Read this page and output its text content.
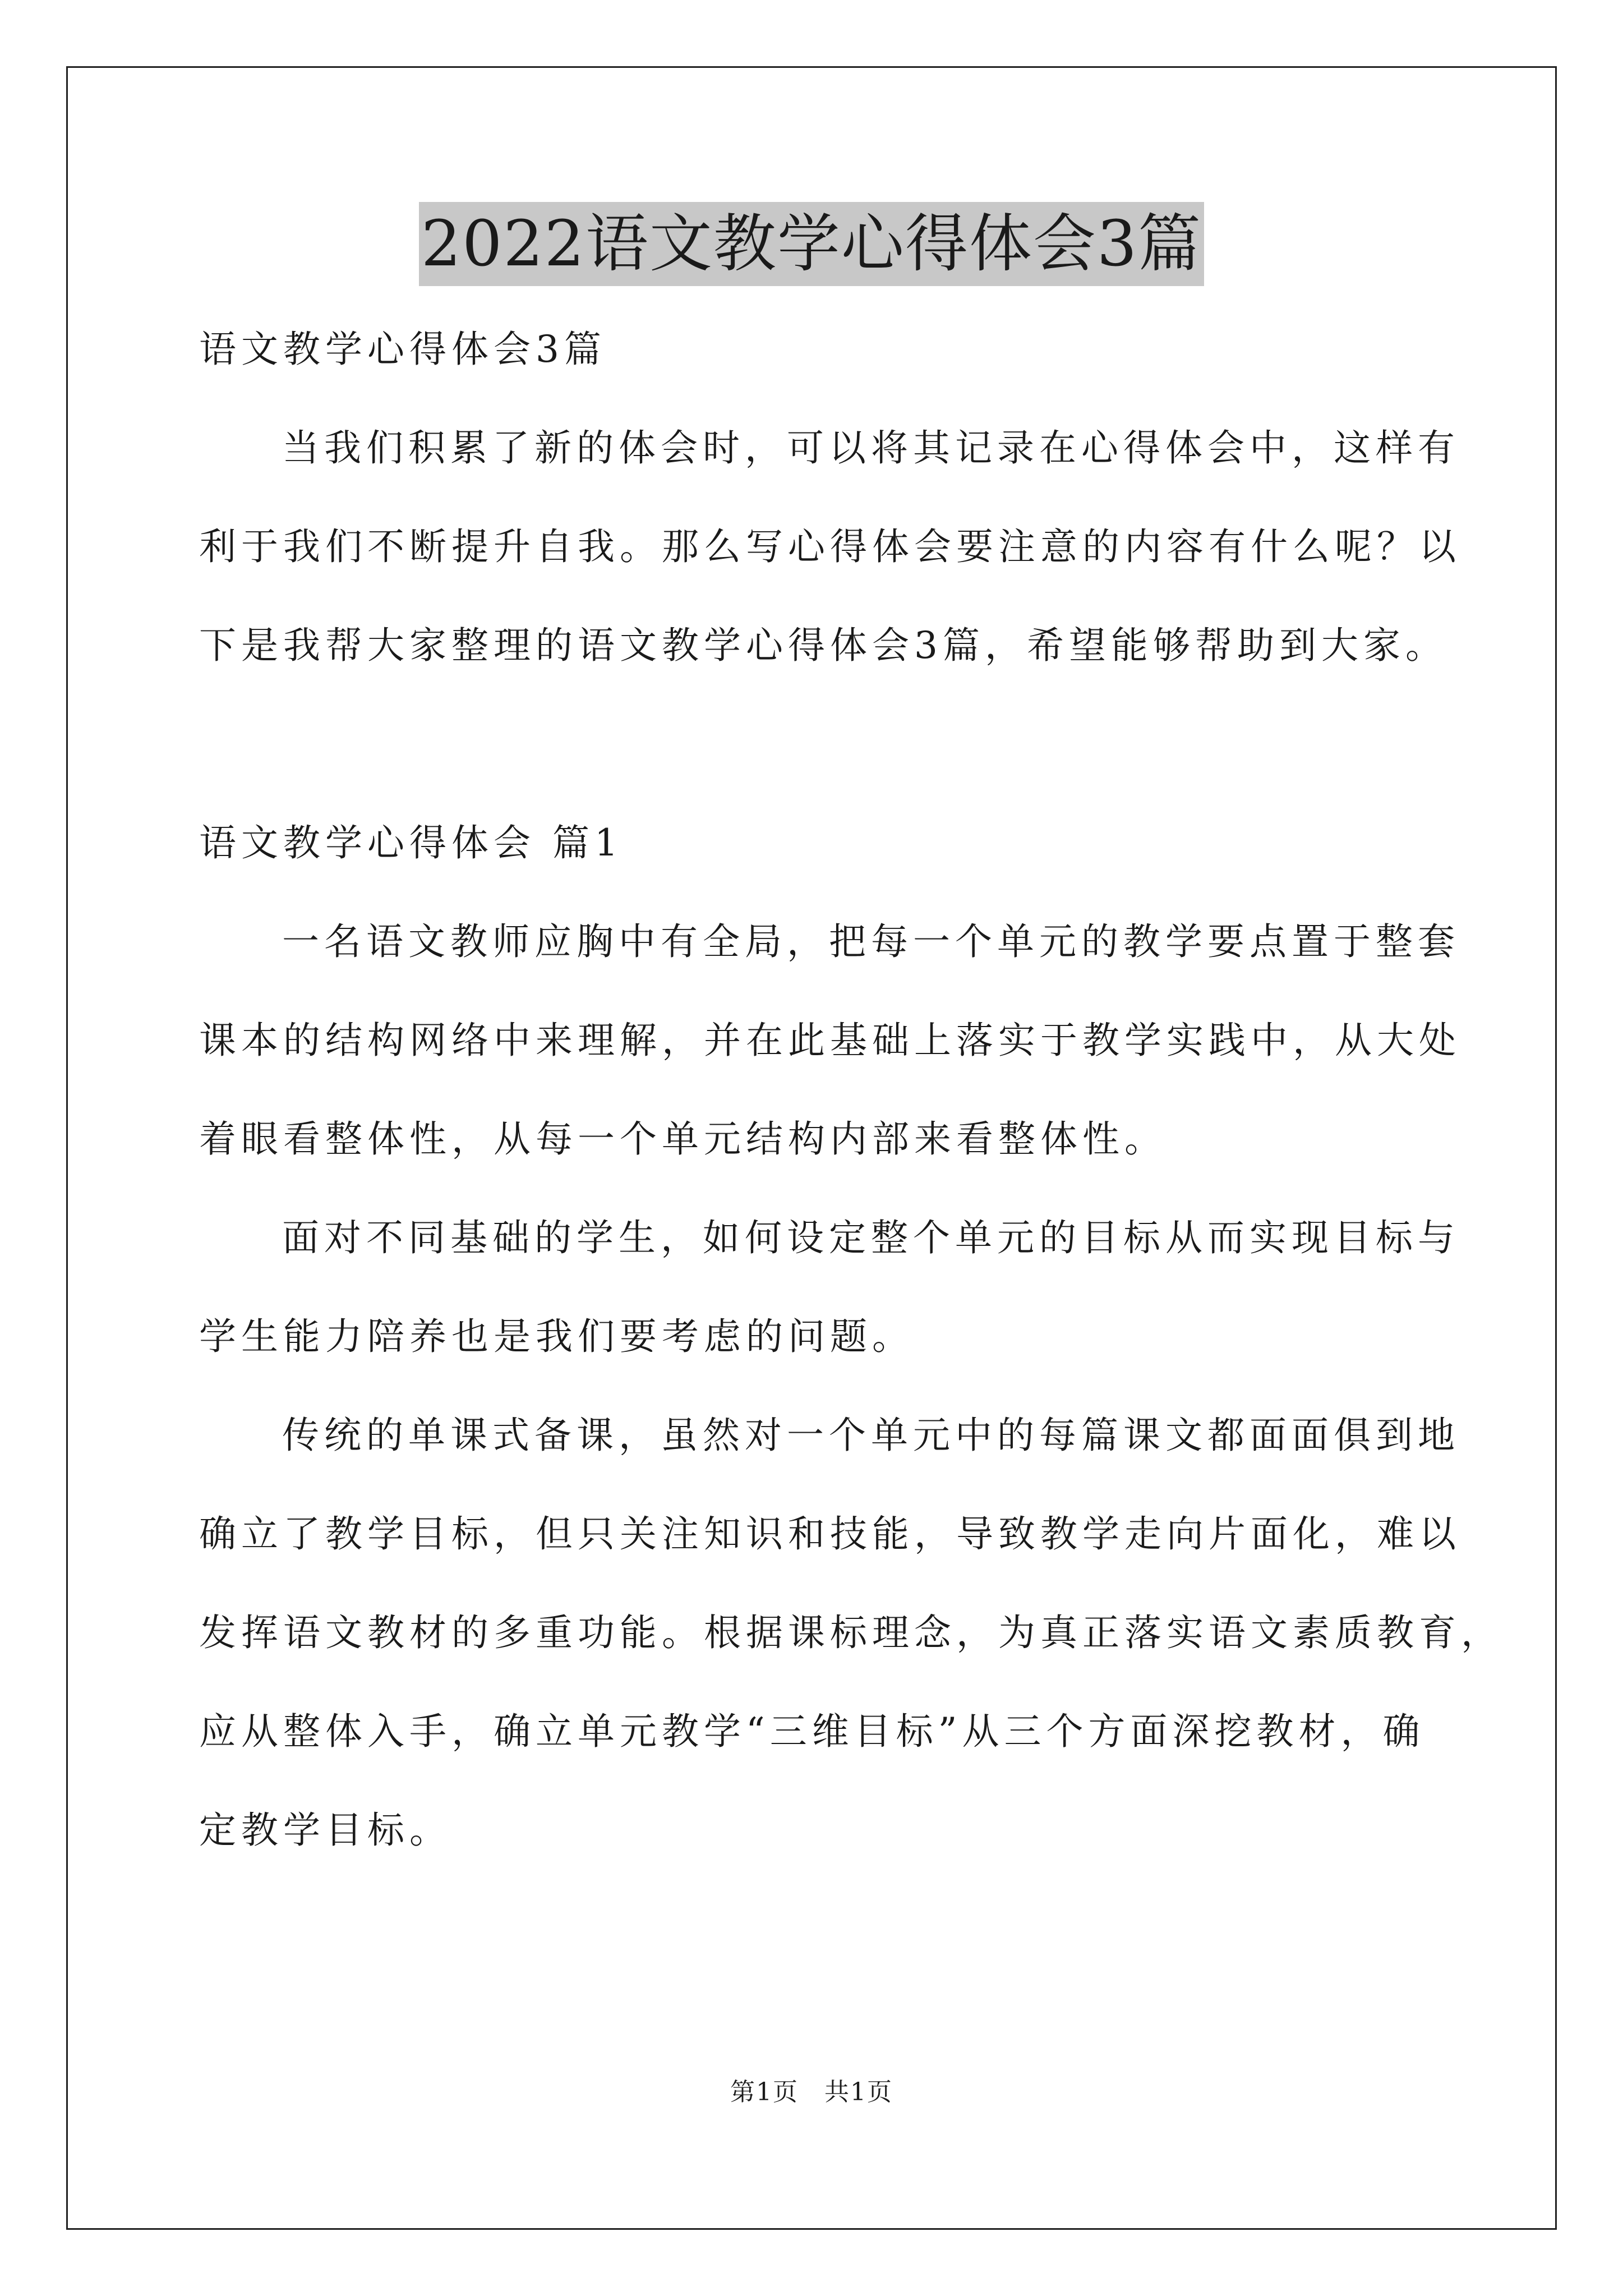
2022语文教学心得体会3篇
语文教学心得体会3篇
当我们积累了新的体会时，可以将其记录在心得体会中，这样有
利于我们不断提升自我。那么写心得体会要注意的内容有什么呢？以
下是我帮大家整理的语文教学心得体会3篇，希望能够帮助到大家。
语文教学心得体会 篇1
一名语文教师应胸中有全局，把每一个单元的教学要点置于整套
课本的结构网络中来理解，并在此基础上落实于教学实践中，从大处
着眼看整体性，从每一个单元结构内部来看整体性。
面对不同基础的学生，如何设定整个单元的目标从而实现目标与
学生能力陪养也是我们要考虑的问题。
传统的单课式备课，虽然对一个单元中的每篇课文都面面俱到地
确立了教学目标，但只关注知识和技能，导致教学走向片面化，难以
发挥语文教材的多重功能。根据课标理念，为真正落实语文素质教育，
应从整体入手，确立单元教学“三维目标”从三个方面深挖教材，确
定教学目标。
第1页　共1页
